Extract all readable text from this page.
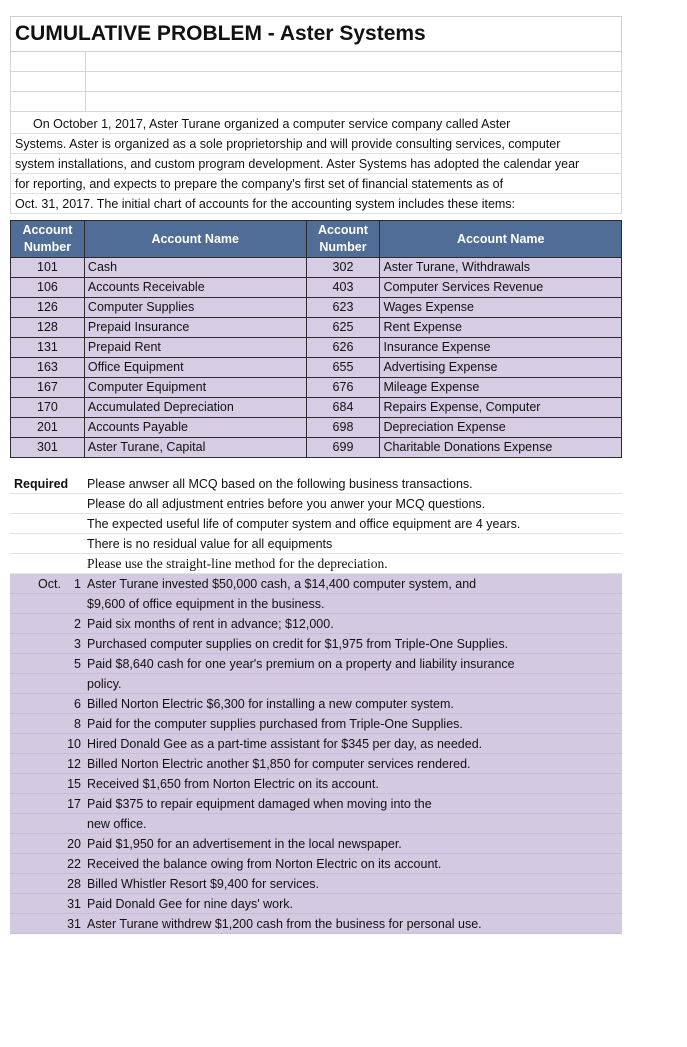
CUMULATIVE PROBLEM - Aster Systems
On October 1, 2017, Aster Turane organized a computer service company called Aster
Systems. Aster is organized as a sole proprietorship and will provide consulting services, computer
system installations, and custom program development. Aster Systems has adopted the calendar year
for reporting, and expects to prepare the company's first set of financial statements as of
Oct. 31, 2017. The initial chart of accounts for the accounting system includes these items:
Account Number	Account Name	Account Number	Account Name
101	Cash	302	Aster Turane, Withdrawals
106	Accounts Receivable	403	Computer Services Revenue
126	Computer Supplies	623	Wages Expense
128	Prepaid Insurance	625	Rent Expense
131	Prepaid Rent	626	Insurance Expense
163	Office Equipment	655	Advertising Expense
167	Computer Equipment	676	Mileage Expense
170	Accumulated Depreciation	684	Repairs Expense, Computer
201	Accounts Payable	698	Depreciation Expense
301	Aster Turane, Capital	699	Charitable Donations Expense
Required	Please anwser all MCQ based on the following business transactions.
Please do all adjustment entries before you anwer your MCQ questions.
The expected useful life of computer system and office equipment are 4 years.
There is no residual value for all equipments
Please use the straight-line method for the depreciation.
Oct. 1 Aster Turane invested $50,000 cash, a $14,400 computer system, and
$9,600 of office equipment in the business.
2 Paid six months of rent in advance; $12,000.
3 Purchased computer supplies on credit for $1,975 from Triple-One Supplies.
5 Paid $8,640 cash for one year's premium on a property and liability insurance
policy.
6 Billed Norton Electric $6,300 for installing a new computer system.
8 Paid for the computer supplies purchased from Triple-One Supplies.
10 Hired Donald Gee as a part-time assistant for $345 per day, as needed.
12 Billed Norton Electric another $1,850 for computer services rendered.
15 Received $1,650 from Norton Electric on its account.
17 Paid $375 to repair equipment damaged when moving into the
new office.
20 Paid $1,950 for an advertisement in the local newspaper.
22 Received the balance owing from Norton Electric on its account.
28 Billed Whistler Resort $9,400 for services.
31 Paid Donald Gee for nine days' work.
31 Aster Turane withdrew $1,200 cash from the business for personal use.
